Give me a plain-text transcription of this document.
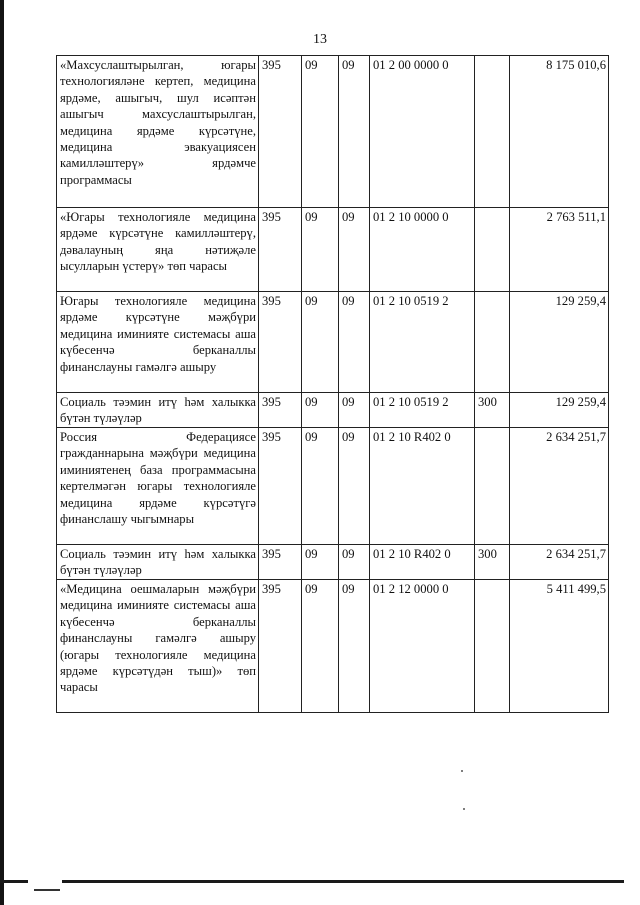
13
«Махсуслаштырылган, югары технологияләне кертеп, медицина ярдәме, ашыгыч, шул исәптән ашыгыч махсуслаштырылган, медицина ярдәме күрсәтүне, медицина эвакуациясен камилләштерү» ярдәмче программасы	395	09	09	01 2 00 0000 0		8 175 010,6
«Югары технологияле медицина ярдәме күрсәтүне камилләштерү, дәвалауның яңа нәтиҗәле ысулларын үстерү» төп чарасы	395	09	09	01 2 10 0000 0		2 763 511,1
Югары технологияле медицина ярдәме күрсәтүне мәҗбүри медицина иминияте системасы аша күбесенчә берканаллы финанслауны гамәлгә ашыру	395	09	09	01 2 10 0519 2		129 259,4
Социаль тәэмин итү һәм халыкка бүтән түләүләр	395	09	09	01 2 10 0519 2	300	129 259,4
Россия Федерациясе гражданнарына мәҗбүри медицина иминиятенең база программасына кертелмәгән югары технологияле медицина ярдәме күрсәтүгә финанслашу чыгымнары	395	09	09	01 2 10 R402 0		2 634 251,7
Социаль тәэмин итү һәм халыкка бүтән түләүләр	395	09	09	01 2 10 R402 0	300	2 634 251,7
«Медицина оешмаларын мәҗбүри медицина иминияте системасы аша күбесенчә берканаллы финанслауны гамәлгә ашыру (югары технологияле медицина ярдәме күрсәтүдән тыш)» төп чарасы	395	09	09	01 2 12 0000 0		5 411 499,5
